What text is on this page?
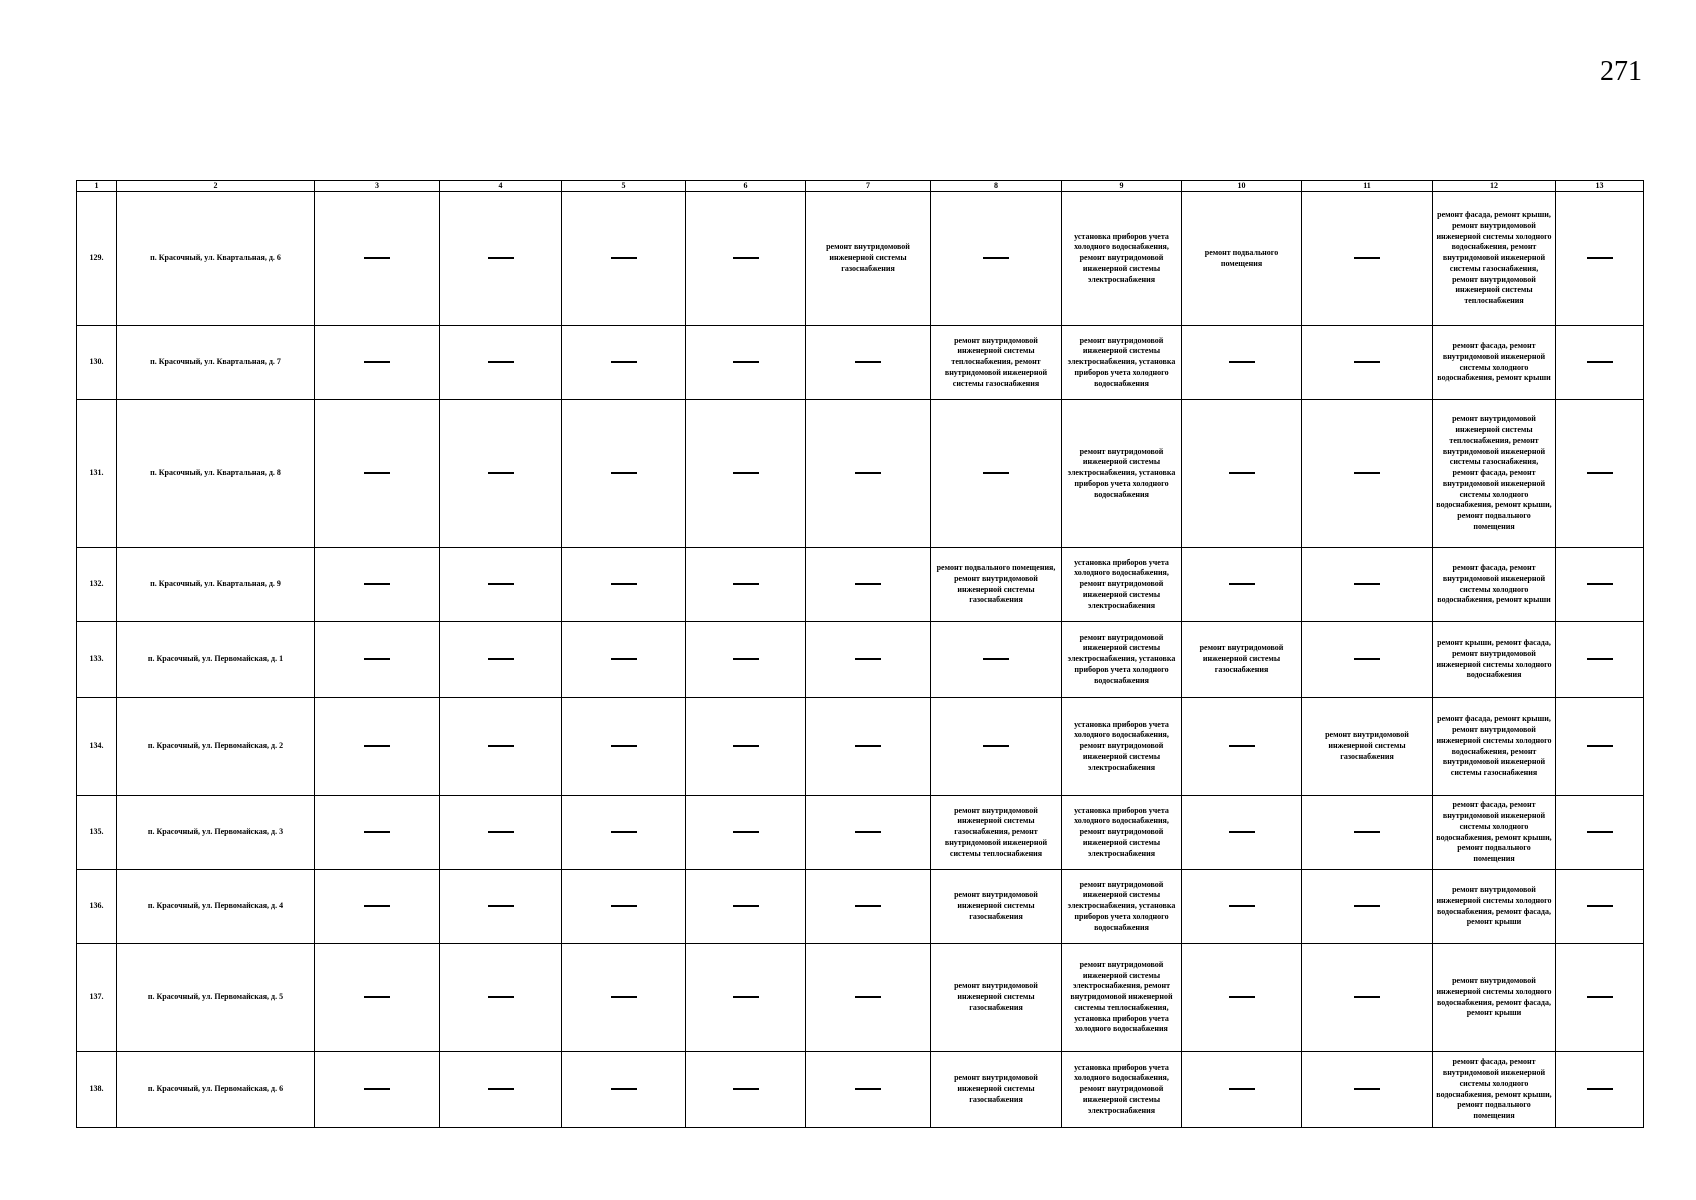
271
1	2	3	4	5	6	7	8	9	10	11	12	13
129.	п. Красочный, ул. Квартальная, д. 6					ремонт внутридомовой инженерной системы газоснабжения		установка приборов учета холодного водоснабжения, ремонт внутридомовой инженерной системы электроснабжения	ремонт подвального помещения		ремонт фасада, ремонт крыши, ремонт внутридомовой инженерной системы холодного водоснабжения, ремонт внутридомовой инженерной системы газоснабжения, ремонт внутридомовой инженерной системы теплоснабжения	
130.	п. Красочный, ул. Квартальная, д. 7						ремонт внутридомовой инженерной системы теплоснабжения, ремонт внутридомовой инженерной системы газоснабжения	ремонт внутридомовой инженерной системы электроснабжения, установка приборов учета холодного водоснабжения			ремонт фасада, ремонт внутридомовой инженерной системы холодного водоснабжения, ремонт крыши	
131.	п. Красочный, ул. Квартальная, д. 8							ремонт внутридомовой инженерной системы электроснабжения, установка приборов учета холодного водоснабжения			ремонт внутридомовой инженерной системы теплоснабжения, ремонт внутридомовой инженерной системы газоснабжения, ремонт фасада, ремонт внутридомовой инженерной системы холодного водоснабжения, ремонт крыши, ремонт подвального помещения	
132.	п. Красочный, ул. Квартальная, д. 9						ремонт подвального помещения, ремонт внутридомовой инженерной системы газоснабжения	установка приборов учета холодного водоснабжения, ремонт внутридомовой инженерной системы электроснабжения			ремонт фасада, ремонт внутридомовой инженерной системы холодного водоснабжения, ремонт крыши	
133.	п. Красочный, ул. Первомайская, д. 1							ремонт внутридомовой инженерной системы электроснабжения, установка приборов учета холодного водоснабжения	ремонт внутридомовой инженерной системы газоснабжения		ремонт крыши, ремонт фасада, ремонт внутридомовой инженерной системы холодного водоснабжения	
134.	п. Красочный, ул. Первомайская, д. 2							установка приборов учета холодного водоснабжения, ремонт внутридомовой инженерной системы электроснабжения		ремонт внутридомовой инженерной системы газоснабжения	ремонт фасада, ремонт крыши, ремонт внутридомовой инженерной системы холодного водоснабжения, ремонт внутридомовой инженерной системы газоснабжения	
135.	п. Красочный, ул. Первомайская, д. 3						ремонт внутридомовой инженерной системы газоснабжения, ремонт внутридомовой инженерной системы теплоснабжения	установка приборов учета холодного водоснабжения, ремонт внутридомовой инженерной системы электроснабжения			ремонт фасада, ремонт внутридомовой инженерной системы холодного водоснабжения, ремонт крыши, ремонт подвального помещения	
136.	п. Красочный, ул. Первомайская, д. 4						ремонт внутридомовой инженерной системы газоснабжения	ремонт внутридомовой инженерной системы электроснабжения, установка приборов учета холодного водоснабжения			ремонт внутридомовой инженерной системы холодного водоснабжения, ремонт фасада, ремонт крыши	
137.	п. Красочный, ул. Первомайская, д. 5						ремонт внутридомовой инженерной системы газоснабжения	ремонт внутридомовой инженерной системы электроснабжения, ремонт внутридомовой инженерной системы теплоснабжения, установка приборов учета холодного водоснабжения			ремонт внутридомовой инженерной системы холодного водоснабжения, ремонт фасада, ремонт крыши	
138.	п. Красочный, ул. Первомайская, д. 6						ремонт внутридомовой инженерной системы газоснабжения	установка приборов учета холодного водоснабжения, ремонт внутридомовой инженерной системы электроснабжения			ремонт фасада, ремонт внутридомовой инженерной системы холодного водоснабжения, ремонт крыши, ремонт подвального помещения	
